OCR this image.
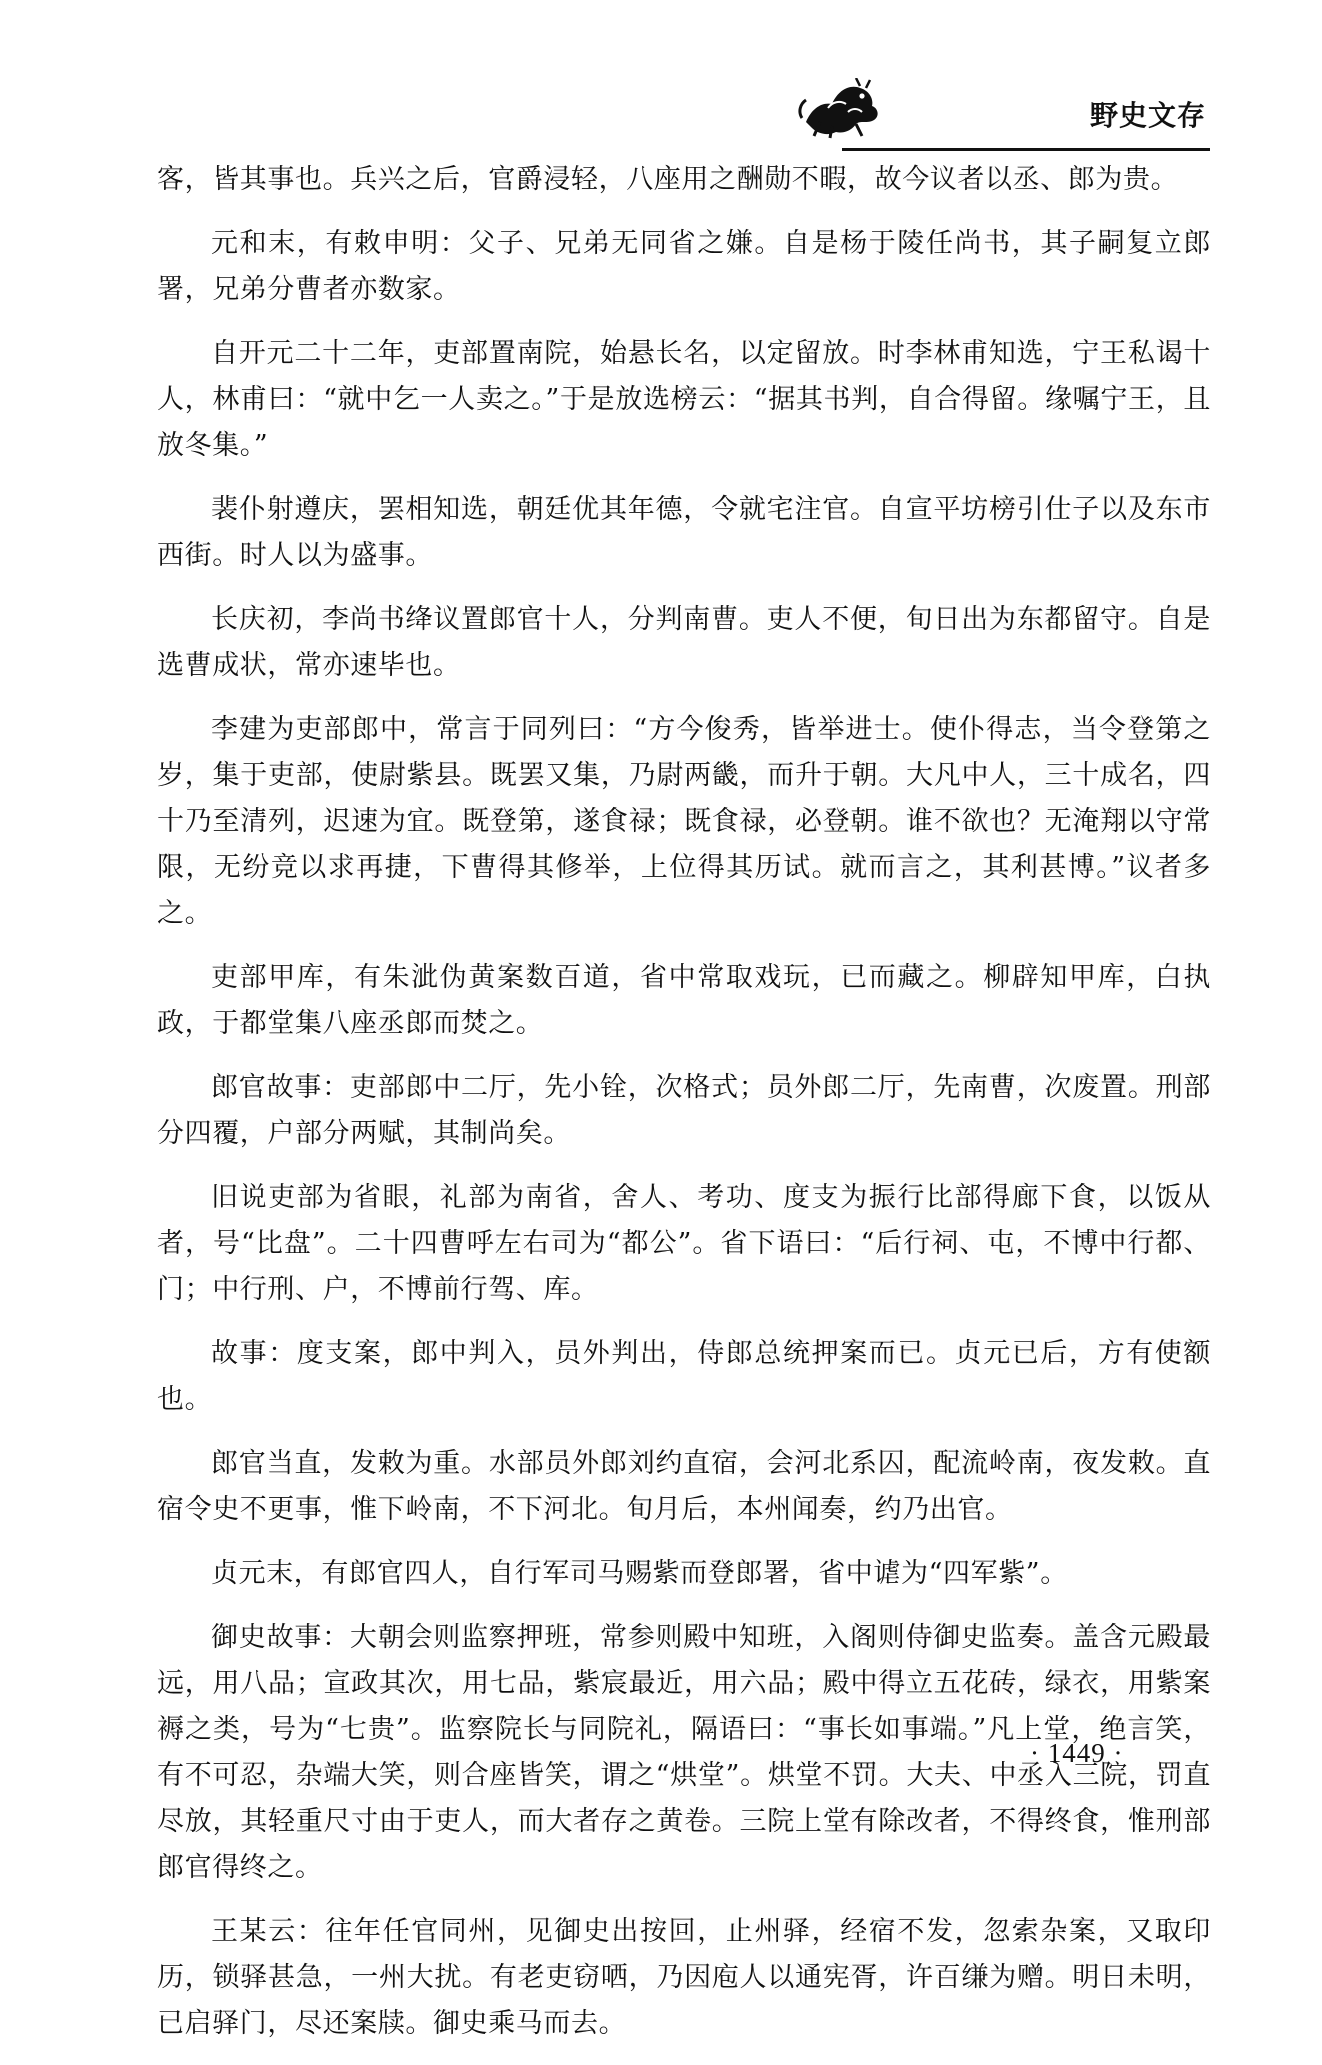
野史文存

客，皆其事也。兵兴之后，官爵浸轻，八座用之酬勋不暇，故今议者以丞、郎为贵。

元和末，有敕申明：父子、兄弟无同省之嫌。自是杨于陵任尚书，其子嗣复立郎署，兄弟分曹者亦数家。

自开元二十二年，吏部置南院，始悬长名，以定留放。时李林甫知选，宁王私谒十人，林甫曰：“就中乞一人卖之。”于是放选榜云：“据其书判，自合得留。缘嘱宁王，且放冬集。”

裴仆射遵庆，罢相知选，朝廷优其年德，令就宅注官。自宣平坊榜引仕子以及东市西街。时人以为盛事。

长庆初，李尚书绛议置郎官十人，分判南曹。吏人不便，旬日出为东都留守。自是选曹成状，常亦速毕也。

李建为吏部郎中，常言于同列曰：“方今俊秀，皆举进士。使仆得志，当令登第之岁，集于吏部，使尉紫县。既罢又集，乃尉两畿，而升于朝。大凡中人，三十成名，四十乃至清列，迟速为宜。既登第，遂食禄；既食禄，必登朝。谁不欲也？无淹翔以守常限，无纷竞以求再捷，下曹得其修举，上位得其历试。就而言之，其利甚博。”议者多之。

吏部甲库，有朱泚伪黄案数百道，省中常取戏玩，已而藏之。柳辟知甲库，白执政，于都堂集八座丞郎而焚之。

郎官故事：吏部郎中二厅，先小铨，次格式；员外郎二厅，先南曹，次废置。刑部分四覆，户部分两赋，其制尚矣。

旧说吏部为省眼，礼部为南省，舍人、考功、度支为振行比部得廊下食，以饭从者，号“比盘”。二十四曹呼左右司为“都公”。省下语曰：“后行祠、屯，不博中行都、门；中行刑、户，不博前行驾、库。

故事：度支案，郎中判入，员外判出，侍郎总统押案而已。贞元已后，方有使额也。

郎官当直，发敕为重。水部员外郎刘约直宿，会河北系囚，配流岭南，夜发敕。直宿令史不更事，惟下岭南，不下河北。旬月后，本州闻奏，约乃出官。

贞元末，有郎官四人，自行军司马赐紫而登郎署，省中谑为“四军紫”。

御史故事：大朝会则监察押班，常参则殿中知班，入阁则侍御史监奏。盖含元殿最远，用八品；宣政其次，用七品，紫宸最近，用六品；殿中得立五花砖，绿衣，用紫案褥之类，号为“七贵”。监察院长与同院礼，隔语曰：“事长如事端。”凡上堂，绝言笑，有不可忍，杂端大笑，则合座皆笑，谓之“烘堂”。烘堂不罚。大夫、中丞入三院，罚直尽放，其轻重尺寸由于吏人，而大者存之黄卷。三院上堂有除改者，不得终食，惟刑部郎官得终之。

王某云：往年任官同州，见御史出按回，止州驿，经宿不发，忽索杂案，又取印历，锁驿甚急，一州大扰。有老吏窃哂，乃因庖人以通宪胥，许百缣为赠。明日未明，已启驿门，尽还案牍。御史乘马而去。

· 1449 ·
